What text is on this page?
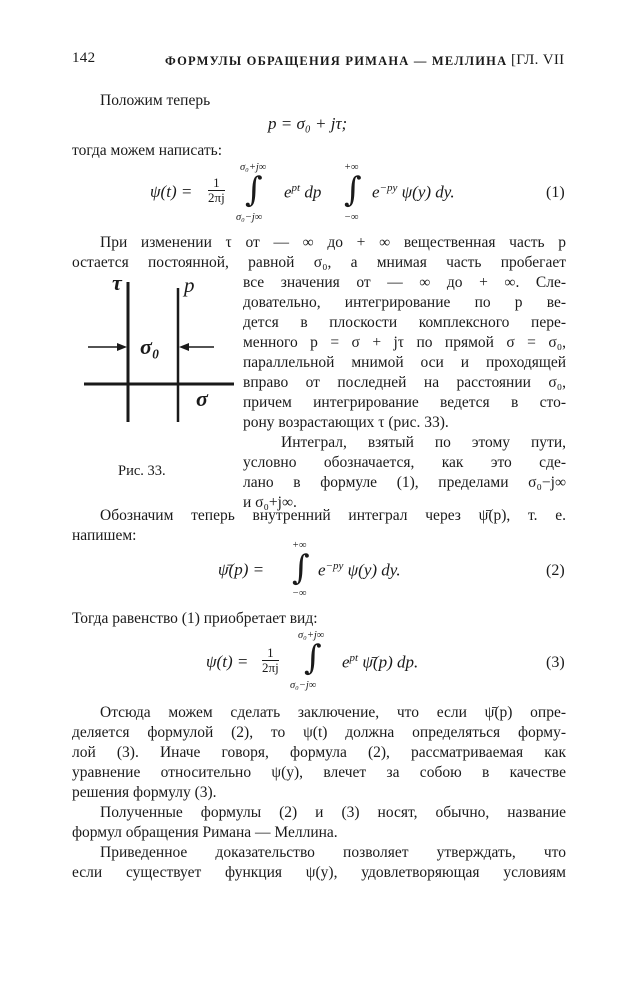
142	ФОРМУЛЫ ОБРАЩЕНИЯ РИМАНА — МЕЛЛИНА [ГЛ. VII
Положим теперь
p = σ₀ + jτ;
тогда можем написать:
$\psi(t) = \frac{1}{2\pi j}$
σ₀+j∞
∫
σ₀−j∞
$e^{pt}$ dp
+∞
∫
−∞
$e^{-py}$ ψ(y) dy.	(1)
При изменении τ от — ∞ до + ∞ вещественная часть p
остается постоянной, равной σ₀, а мнимая часть пробегает
все значения от — ∞ до + ∞. Сле-
довательно, интегрирование по p ве-
дется в плоскости комплексного пере-
менного p = σ + jτ по прямой σ = σ₀,
параллельной мнимой оси и проходящей
вправо от последней на расстоянии σ₀,
причем интегрирование ведется в сто-
рону возрастающих τ (рис. 33).
Интеграл, взятый по этому пути,
условно обозначается, как это сде-
лано в формуле (1), пределами σ₀−j∞
и σ₀+j∞.
τ	p
σ₀
σ
Рис. 33.
Обозначим теперь внутренний интеграл через ψ̄(p), т. е.
напишем:
ψ̄(p) =
+∞
∫
−∞
$e^{-py}$ ψ(y) dy.	(2)
Тогда равенство (1) приобретает вид:
$\psi(t) = \frac{1}{2\pi j}$
σ₀+j∞
∫
σ₀−j∞
$e^{pt}$ ψ̄(p) dp.	(3)
Отсюда можем сделать заключение, что если ψ̄(p) опре-
деляется формулой (2), то ψ(t) должна определяться форму-
лой (3). Иначе говоря, формула (2), рассматриваемая как
уравнение относительно ψ(y), влечет за собою в качестве
решения формулу (3).
Полученные формулы (2) и (3) носят, обычно, название
формул обращения Римана — Меллина.
Приведенное доказательство позволяет утверждать, что
если существует функция ψ(y), удовлетворяющая условиям
